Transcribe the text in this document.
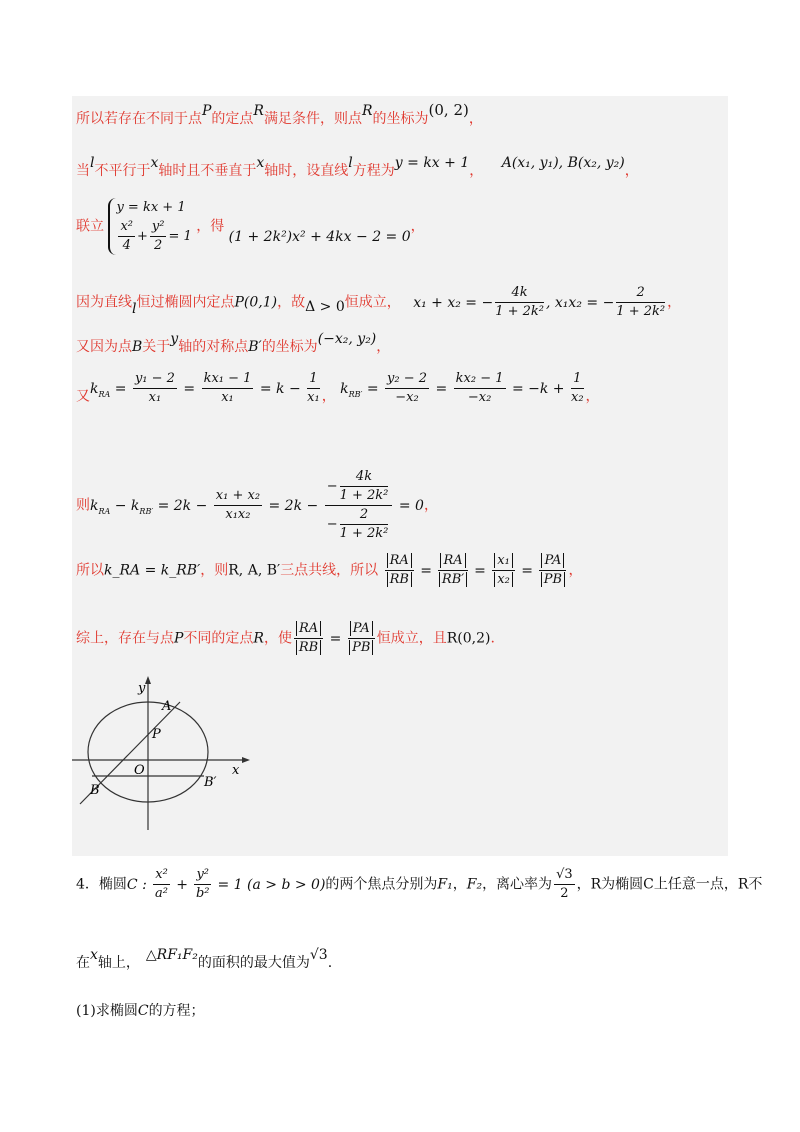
所以若存在不同于点P的定点R满足条件，则点R的坐标为(0, 2)，
当l不平行于x轴时且不垂直于x轴时，设直线l方程为y = kx + 1， A(x₁, y₁), B(x₂, y₂)，
联立
y = kx + 1
$\frac{\text{x²}}{4} + \frac{\text{y²}}{2} = 1$
，得 (1 + 2k²)x² + 4kx − 2 = 0，
因为直线l恒过椭圆内定点P(0,1)，故Δ > 0恒成立， x₁ + x₂ = − $\frac{4k}{\text{1 + 2k²}}$ , x₁x₂ = − $\frac{2}{\text{1 + 2k²}}$ ，
又因为点B关于y轴的对称点B′的坐标为(−x₂, y₂)，
又$k_{RA} = \frac{\text{y₁ − 2}}{\text{x₁}} = \frac{\text{kx₁ − 1}}{\text{x₁}} = k - \frac{1}{\text{x₁}}$ ， $k_{RB'} = \frac{\text{y₂ − 2}}{\text{−x₂}} = \frac{\text{kx₂ − 1}}{\text{−x₂}} = -k + \frac{1}{\text{x₂}}$ ，
则$k_{RA} - k_{RB'} = 2k - \frac{\text{x₁ + x₂}}{\text{x₁x₂}} = 2k - \frac{- \frac{4k}{\text{1 + 2k²}}}{- \frac{2}{\text{1 + 2k²}}} = 0$，
所以k_RA = k_RB′，则R, A, B′三点共线，所以 $\frac{RA}{RB} = \frac{RA}{RB'} = \frac{\text{x₁}}{\text{x₂}} = \frac{PA}{PB}$ ，
综上，存在与点P不同的定点R，使 $\frac{RA}{RB} = \frac{PA}{PB}$ 恒成立，且R(0,2).
y
x
A
P
O
B
B′
4．椭圆C : $\frac{\text{x²}}{\text{a²}} + \frac{\text{y²}}{\text{b²}} = 1$ (a > b > 0)的两个焦点分别为F₁，F₂，离心率为 $\frac{√3}{2}$ ，R为椭圆C上任意一点，R不
在x轴上， △RF₁F₂的面积的最大值为√3.
(1)求椭圆C的方程；
